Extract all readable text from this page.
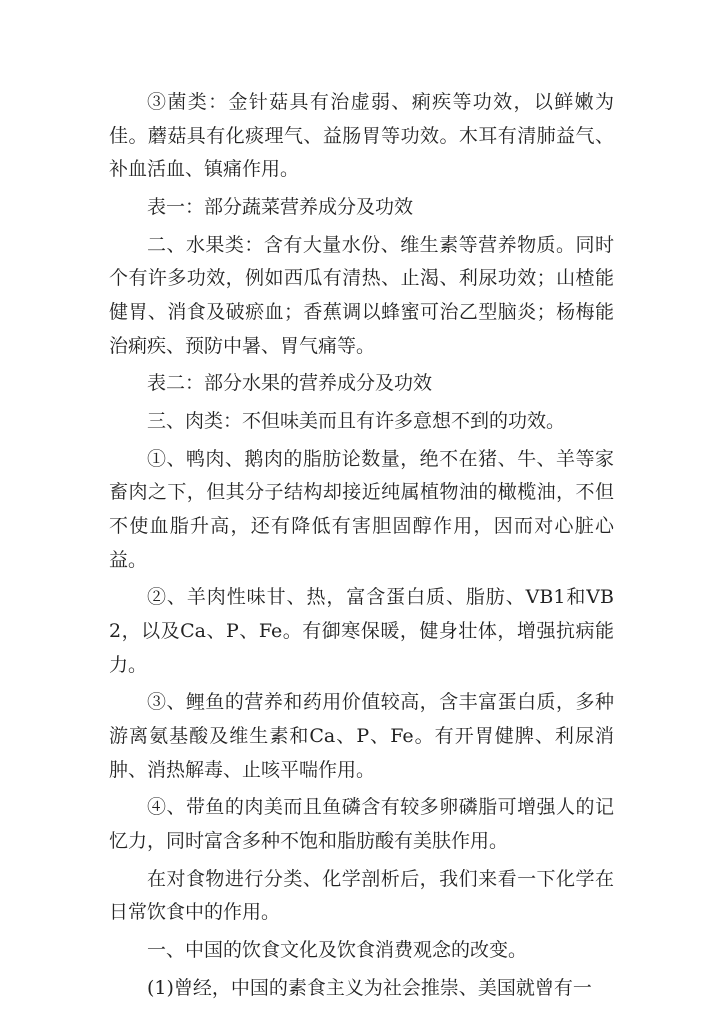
③菌类：金针菇具有治虚弱、痢疾等功效，以鲜嫩为佳。蘑菇具有化痰理气、益肠胃等功效。木耳有清肺益气、补血活血、镇痛作用。

表一：部分蔬菜营养成分及功效

二、水果类：含有大量水份、维生素等营养物质。同时个有许多功效，例如西瓜有清热、止渴、利尿功效；山楂能健胃、消食及破瘀血；香蕉调以蜂蜜可治乙型脑炎；杨梅能治痢疾、预防中暑、胃气痛等。

表二：部分水果的营养成分及功效

三、肉类：不但味美而且有许多意想不到的功效。

①、鸭肉、鹅肉的脂肪论数量，绝不在猪、牛、羊等家畜肉之下，但其分子结构却接近纯属植物油的橄榄油，不但不使血脂升高，还有降低有害胆固醇作用，因而对心脏心益。

②、羊肉性味甘、热，富含蛋白质、脂肪、VB1和VB2，以及Ca、P、Fe。有御寒保暖，健身壮体，增强抗病能力。

③、鲤鱼的营养和药用价值较高，含丰富蛋白质，多种游离氨基酸及维生素和Ca、P、Fe。有开胃健脾、利尿消肿、消热解毒、止咳平喘作用。

④、带鱼的肉美而且鱼磷含有较多卵磷脂可增强人的记忆力，同时富含多种不饱和脂肪酸有美肤作用。

在对食物进行分类、化学剖析后，我们来看一下化学在日常饮食中的作用。

一、中国的饮食文化及饮食消费观念的改变。

(1)曾经，中国的素食主义为社会推崇、美国就曾有一
